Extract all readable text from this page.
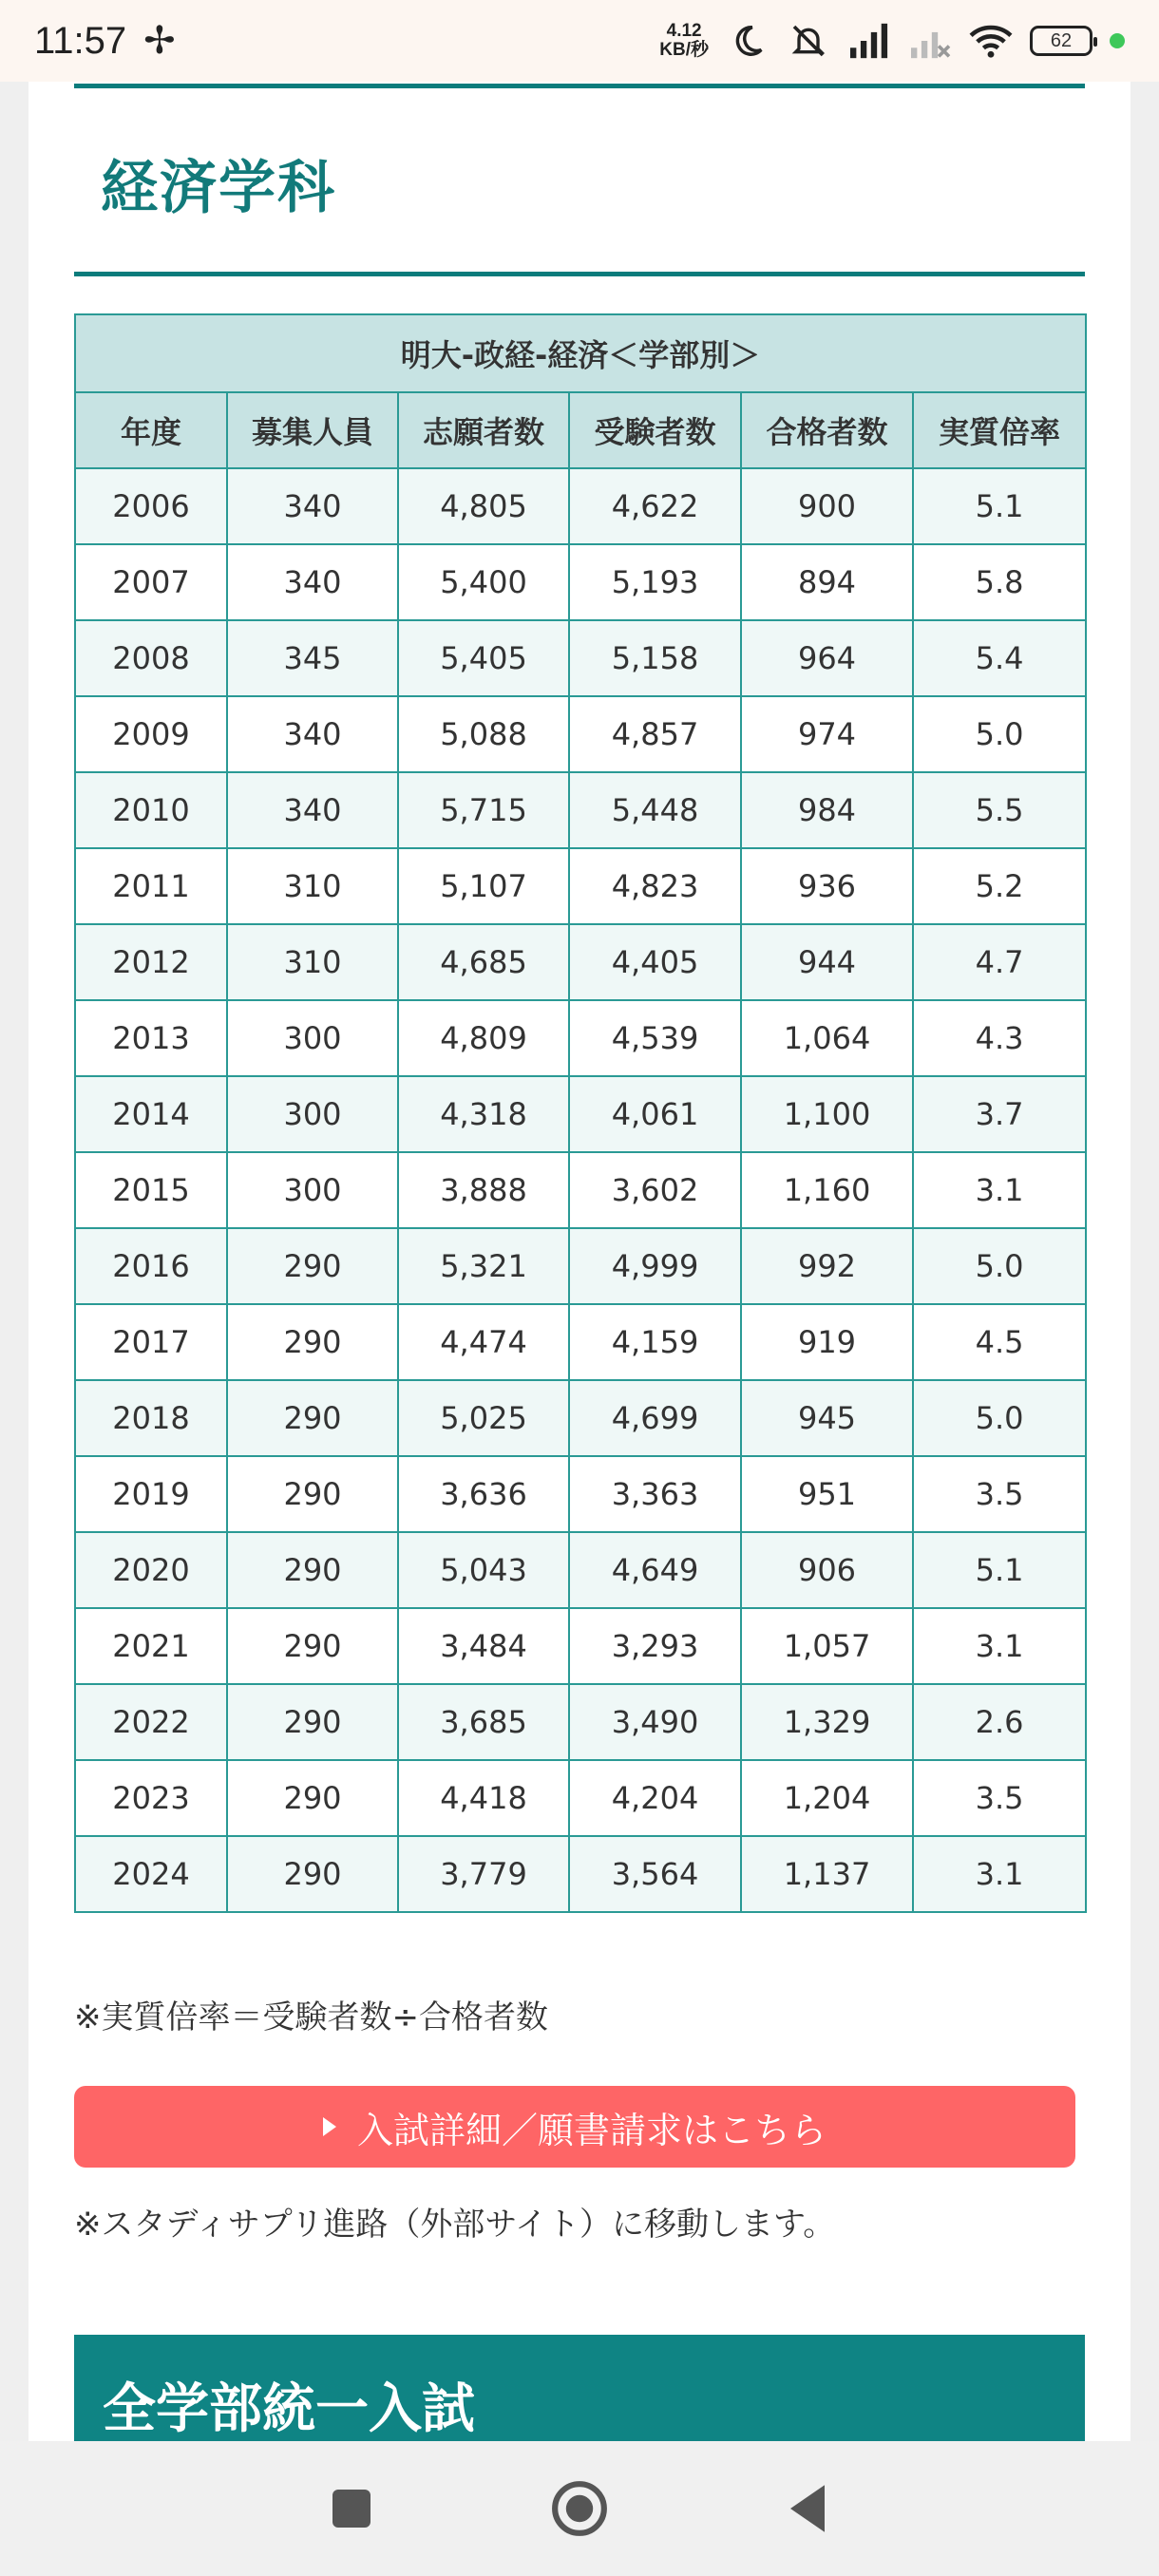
11:57 ✢	4.12
KB/秒	62
経済学科
明大-政経-経済＜学部別＞					
年度	募集人員	志願者数	受験者数	合格者数	実質倍率
2006	340	4,805	4,622	900	5.1
2007	340	5,400	5,193	894	5.8
2008	345	5,405	5,158	964	5.4
2009	340	5,088	4,857	974	5.0
2010	340	5,715	5,448	984	5.5
2011	310	5,107	4,823	936	5.2
2012	310	4,685	4,405	944	4.7
2013	300	4,809	4,539	1,064	4.3
2014	300	4,318	4,061	1,100	3.7
2015	300	3,888	3,602	1,160	3.1
2016	290	5,321	4,999	992	5.0
2017	290	4,474	4,159	919	4.5
2018	290	5,025	4,699	945	5.0
2019	290	3,636	3,363	951	3.5
2020	290	5,043	4,649	906	5.1
2021	290	3,484	3,293	1,057	3.1
2022	290	3,685	3,490	1,329	2.6
2023	290	4,418	4,204	1,204	3.5
2024	290	3,779	3,564	1,137	3.1
※実質倍率＝受験者数÷合格者数
入試詳細／願書請求はこちら
※スタディサプリ進路（外部サイト）に移動します。
全学部統一入試
